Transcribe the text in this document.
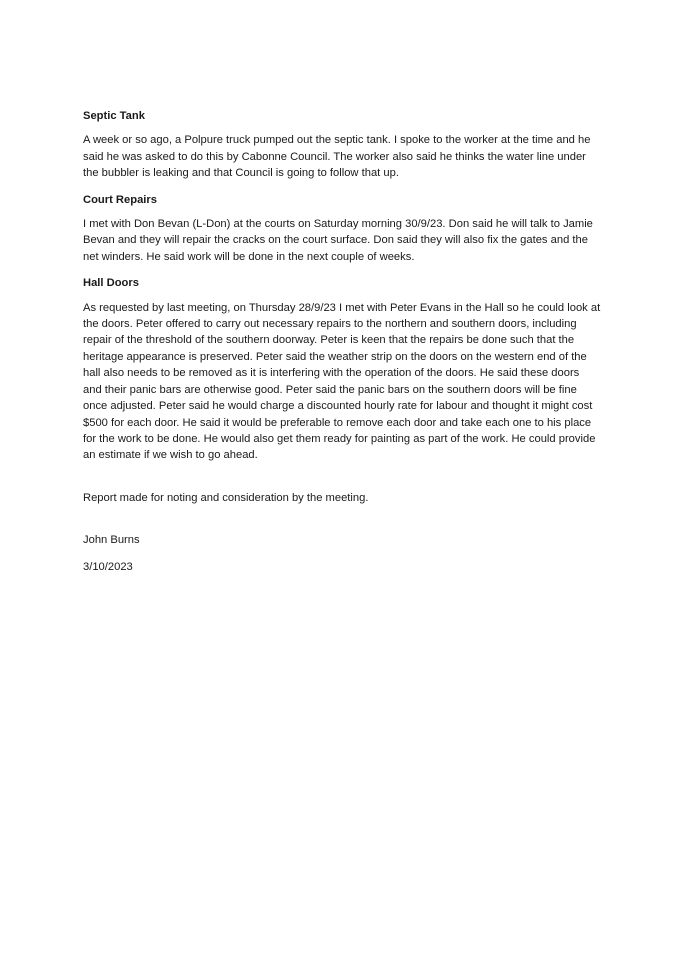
Septic Tank
A week or so ago, a Polpure truck pumped out the septic tank. I spoke to the worker at the time and he said he was asked to do this by Cabonne Council. The worker also said he thinks the water line under the bubbler is leaking and that Council is going to follow that up.
Court Repairs
I met with Don Bevan (L-Don) at the courts on Saturday morning 30/9/23. Don said he will talk to Jamie Bevan and they will repair the cracks on the court surface. Don said they will also fix the gates and the net winders. He said work will be done in the next couple of weeks.
Hall Doors
As requested by last meeting, on Thursday 28/9/23 I met with Peter Evans in the Hall so he could look at the doors. Peter offered to carry out necessary repairs to the northern and southern doors, including repair of the threshold of the southern doorway. Peter is keen that the repairs be done such that the heritage appearance is preserved. Peter said the weather strip on the doors on the western end of the hall also needs to be removed as it is interfering with the operation of the doors. He said these doors and their panic bars are otherwise good. Peter said the panic bars on the southern doors will be fine once adjusted. Peter said he would charge a discounted hourly rate for labour and thought it might cost $500 for each door. He said it would be preferable to remove each door and take each one to his place for the work to be done. He would also get them ready for painting as part of the work. He could provide an estimate if we wish to go ahead.
Report made for noting and consideration by the meeting.
John Burns
3/10/2023
